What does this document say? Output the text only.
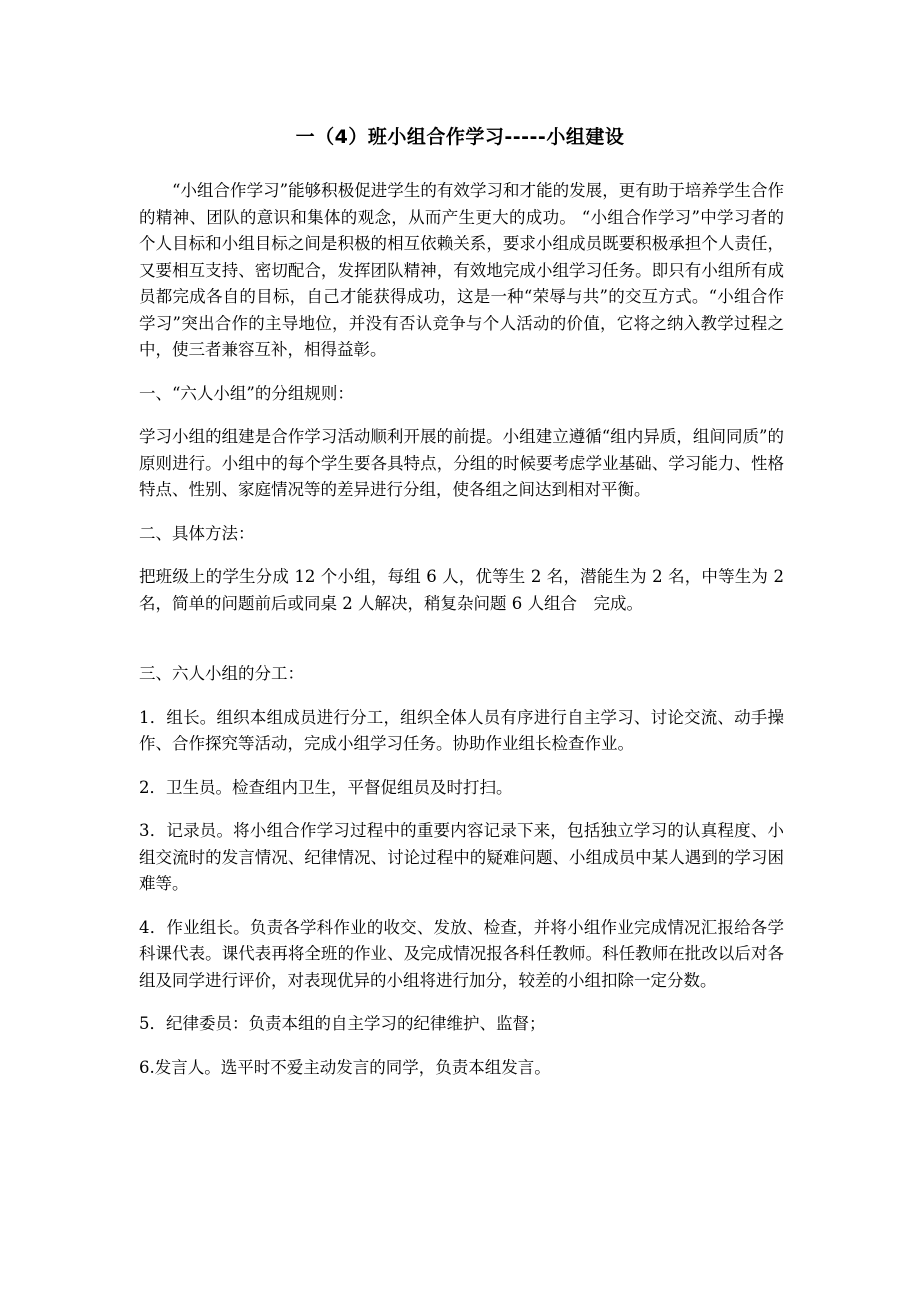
一（4）班小组合作学习-----小组建设

“小组合作学习”能够积极促进学生的有效学习和才能的发展，更有助于培养学生合作的精神、团队的意识和集体的观念，从而产生更大的成功。 “小组合作学习”中学习者的个人目标和小组目标之间是积极的相互依赖关系，要求小组成员既要积极承担个人责任，又要相互支持、密切配合，发挥团队精神，有效地完成小组学习任务。即只有小组所有成员都完成各自的目标，自己才能获得成功，这是一种“荣辱与共”的交互方式。“小组合作学习”突出合作的主导地位，并没有否认竞争与个人活动的价值，它将之纳入教学过程之中，使三者兼容互补，相得益彰。

一、“六人小组”的分组规则：

学习小组的组建是合作学习活动顺利开展的前提。小组建立遵循“组内异质，组间同质”的原则进行。小组中的每个学生要各具特点，分组的时候要考虑学业基础、学习能力、性格特点、性别、家庭情况等的差异进行分组，使各组之间达到相对平衡。

二、具体方法：

把班级上的学生分成 12 个小组，每组 6 人，优等生 2 名，潜能生为 2 名，中等生为 2 名，简单的问题前后或同桌 2 人解决，稍复杂问题 6 人组合　完成。

三、六人小组的分工：

1．组长。组织本组成员进行分工，组织全体人员有序进行自主学习、讨论交流、动手操作、合作探究等活动，完成小组学习任务。协助作业组长检查作业。

2．卫生员。检查组内卫生，平督促组员及时打扫。

3．记录员。将小组合作学习过程中的重要内容记录下来，包括独立学习的认真程度、小组交流时的发言情况、纪律情况、讨论过程中的疑难问题、小组成员中某人遇到的学习困难等。

4．作业组长。负责各学科作业的收交、发放、检查，并将小组作业完成情况汇报给各学科课代表。课代表再将全班的作业、及完成情况报各科任教师。科任教师在批改以后对各组及同学进行评价，对表现优异的小组将进行加分，较差的小组扣除一定分数。

5．纪律委员：负责本组的自主学习的纪律维护、监督；

6.发言人。选平时不爱主动发言的同学，负责本组发言。
